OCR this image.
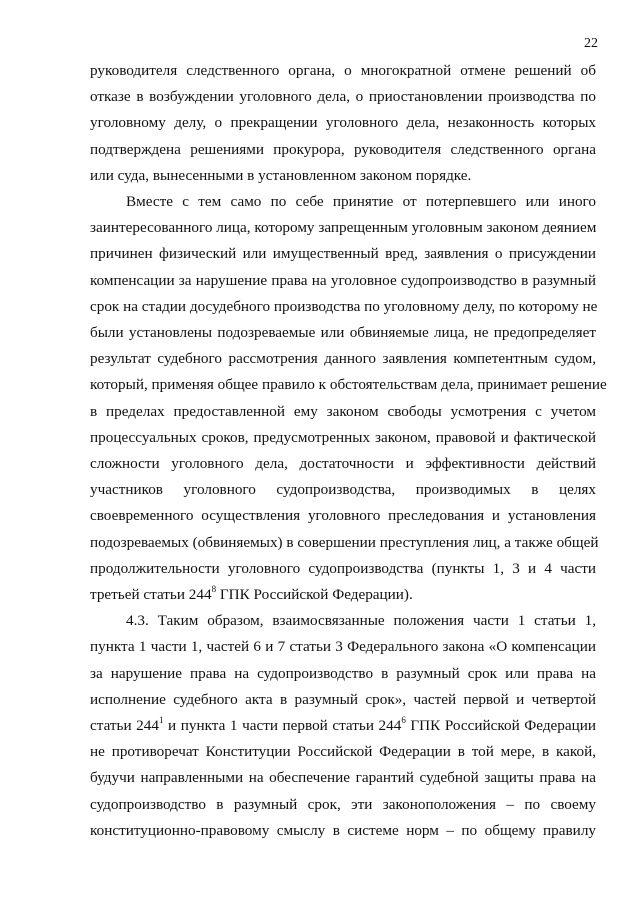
22
руководителя следственного органа, о многократной отмене решений об
отказе в возбуждении уголовного дела, о приостановлении производства по
уголовному делу, о прекращении уголовного дела, незаконность которых
подтверждена решениями прокурора, руководителя следственного органа
или суда, вынесенными в установленном законом порядке.
Вместе с тем само по себе принятие от потерпевшего или иного
заинтересованного лица, которому запрещенным уголовным законом деянием
причинен физический или имущественный вред, заявления о присуждении
компенсации за нарушение права на уголовное судопроизводство в разумный
срок на стадии досудебного производства по уголовному делу, по которому не
были установлены подозреваемые или обвиняемые лица, не предопределяет
результат судебного рассмотрения данного заявления компетентным судом,
который, применяя общее правило к обстоятельствам дела, принимает решение
в пределах предоставленной ему законом свободы усмотрения с учетом
процессуальных сроков, предусмотренных законом, правовой и фактической
сложности уголовного дела, достаточности и эффективности действий
участников уголовного судопроизводства, производимых в целях
своевременного осуществления уголовного преследования и установления
подозреваемых (обвиняемых) в совершении преступления лиц, а также общей
продолжительности уголовного судопроизводства (пункты 1, 3 и 4 части
третьей статьи $244^8$ ГПК Российской Федерации).
4.3. Таким образом, взаимосвязанные положения части 1 статьи 1,
пункта 1 части 1, частей 6 и 7 статьи 3 Федерального закона «О компенсации
за нарушение права на судопроизводство в разумный срок или права на
исполнение судебного акта в разумный срок», частей первой и четвертой
статьи $244^1$ и пункта 1 части первой статьи $244^6$ ГПК Российской Федерации
не противоречат Конституции Российской Федерации в той мере, в какой,
будучи направленными на обеспечение гарантий судебной защиты права на
судопроизводство в разумный срок, эти законоположения – по своему
конституционно-правовому смыслу в системе норм – по общему правилу
